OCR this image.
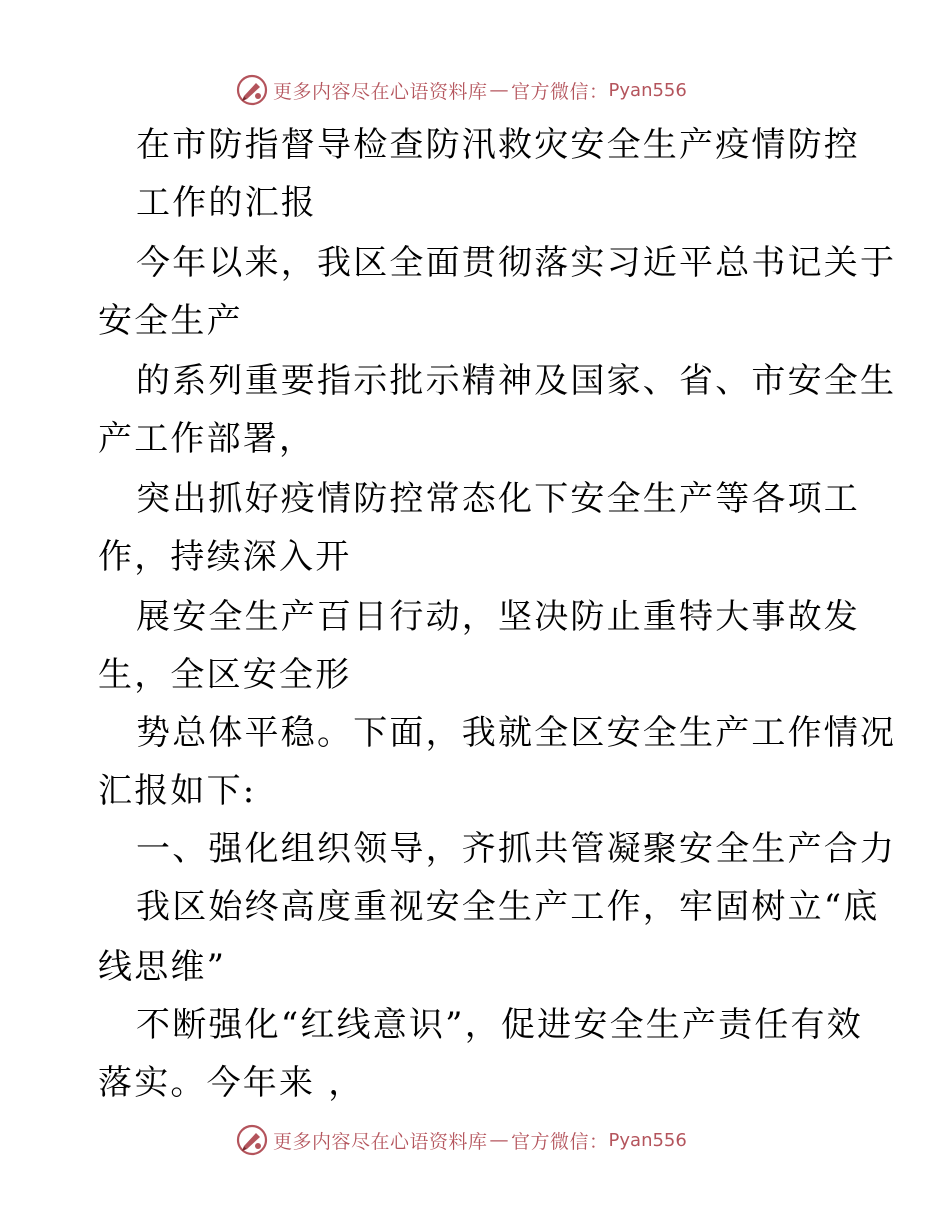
更多内容尽在心语资料库 — 官方微信： Pyan556
在市防指督导检查防汛救灾安全生产疫情防控
工作的汇报
今年以来，我区全面贯彻落实习近平总书记关于
安全生产
的系列重要指示批示精神及国家、省、市安全生
产工作部署，
突出抓好疫情防控常态化下安全生产等各项工
作，持续深入开
展安全生产百日行动，坚决防止重特大事故发
生，全区安全形
势总体平稳。下面，我就全区安全生产工作情况
汇报如下:
一、强化组织领导，齐抓共管凝聚安全生产合力
我区始终高度重视安全生产工作，牢固树立“底
线思维”
不断强化“红线意识”，促进安全生产责任有效
落实。今年来 ，
更多内容尽在心语资料库 — 官方微信： Pyan556
